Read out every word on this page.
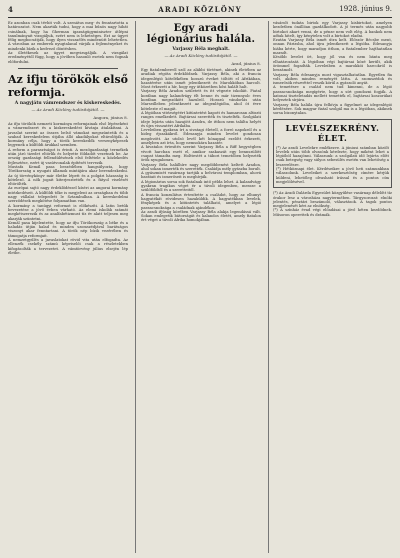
4	ARADI KÖZLÖNY	1928. június 9.

Ez azonban csak tévhit volt. A szenátus meg- és fenntartotta a határozatot. Nem akarták tudni, hogy a mai bűnös nagy hibát csinálnak, hogy ha Gherman igazságügyminiszter átlépni tanulmányait vizsgáljuk, ezért nem is lehetséges. Ezt az ügyet félig megbocsátják, hogy ilyen visszaélés mindenütt lehetetlen. A városban az emberek nyugtalanul várják a fejleményeket és mindenki bízik a kedvező döntésben.
Az illetékesek az ügyet megvizsgálják. A vizsgálat eredményétől függ, hogy a jövőben hasonló esetek nem fognak előfordulni.

Az ifju törökök első reformja.
A nagyjátu vámrendszer és kiskereskedés.
— Az Aradi Közlöny tudósítójától. —
Angora, június 8.

Az ifju törökök nemzeti kormánya reformjainak első lépéseként a vámrendszert és a kiskereskedést kívánja átalakítani. A javaslat szerint az összes belső vámokat megszüntetik és a szabad kereskedelem útjába álló akadályokat eltávolítják. A kormány célja, hogy a török kereskedők versenyképesek legyenek a külföldi árukkal szemben.
A reform a parasztságot is érinti. A mezőgazdasági termékek után járó tizedet eltörlik és helyette földadót vezetnek be. Az ország gazdasági fellendülésének első feltétele a közlekedés fejlesztése, ezért új vasútvonalak építését tervezik.
Mustafa Kemál pasa beszédében hangsúlyozta, hogy Törökország a nyugati államok mintájára akar berendezkedni. Az új törvénykönyv már életbe lépett és a polgári házasság is kötelező. A nők jogait kiterjesztették és a fátyol viselését eltörölték.
Az európai sajtó nagy érdeklődéssel kíséri az angorai kormány intézkedéseit. A külföldi tőke is megjelent az országban és több nagy vállalat telepedett le Sztambulban. A kereskedelmi szerződések megkötése folyamatban van.
A kormány a tanügyi reformot is előkészíti. A latin betűk bevezetése a jövő évben várható. Az elemi iskolák számát megkétszerezik és az analfabétizmust tíz év alatt teljesen meg akarják szüntetni.
Kemál pasa kijelentette, hogy az ifju Törökország a béke és a haladás útján halad és minden szomszédjával barátságos viszonyt akar fenntartani. A török nép bízik vezérében és támogatja reformjait.
A nemzetgyűlés a javaslatokat rövid vita után elfogadta. Az ellenzék csekély számú képviselői csak a részletekben kifogásolták a tervezetet. A vámtörvény július elsején lép életbe.

Egy aradi légionárius halála.
Varjassy Béla meghalt.
— Az Aradi Közlöny tudósítójától. —
Arad, június 8.

Egy fiatalemberről szól az alábbi történet, akinek életében az aradiak régóta érdeklődnek. Varjassy Béla, aki a francia idegenlégió kötelékében hosszú éveket töltött el Afrikában, hazatérése után ismét jelentkezett és Marokkóban harcolt. Most érkezett a hír, hogy egy ütközetben hősi halált halt.
Varjassy Béla Aradon született és itt végezte iskoláit. Fiatal korában nagy kalandvágy élt benne és már tizennyolc éves korában megszökött hazulról. Hosszú vándorlás után Marseilleben jelentkezett az idegenlégióba, ahol öt évre kötelezte el magát.
A légióban vitézségéért kitüntetést kapott és hamarosan altiszti rangra emelkedett. Bajtársai szerették és tisztelték. Szolgálati ideje lejárta után hazajött Aradra, de itthon nem találta helyét és újra visszatért Afrikába.
Leveleiben gyakran írt a sivatagi életről, a forró napokról és a hideg éjszakákról. Édesanyja minden levelet gondosan megőrzött. Az utolsó levél két hónappal ezelőtt érkezett, amelyben azt írta, hogy nemsokára hazatér.
A hivatalos értesítés szerint Varjassy Béla a Riff hegységben vívott harcban esett el, amikor szakaszát egy bennszülött csapat támadta meg. Holttestét a tábori temetőben helyezték örök nyugalomra.
Varjassy Béla halálhíre nagy megdöbbenést keltett Aradon, ahol sokan ismerték és szerették. Családja mély gyászba borult. A gyászmisét vasárnap tartják a belvárosi templomban, ahová barátait és ismerőseit is meghívják.
A légionárius sorsa sok fiatalnak intő példa lehet. A kalandvágy gyakran tragikus véget ér a távoli idegenben, messze a szülőföldtől és a szeretteitől.
A francia konzulátus értesítette a családot, hogy az elhunyt hagyatékát rövidesen hazaküldik. A hagyatékban levelek, fényképek és a kitüntetés található, amelyet a légió parancsnoksága a családnak ajándékoz.
Az aradi ifjúság körében Varjassy Béla alakja legendássá vált. Sokan emlegetik bátorságát és kalandos életét, amely fiatalon ért véget a távoli Afrika homokjában.

vásárolt tudata birtok egy Varjassy kisbirtokot, amelyen kezdetben önállóan gazdálkodott. A jó termés után nagyobb birtokot akart venni, de a pénze nem volt elég. A bankok nem adtak hitelt, így kénytelen volt a birtokot eladni.
Ezután Varjassy Béla ismét útra kelt. Először Bécsbe ment, onnan Párizsba, ahol újra jelentkezett a légióba. Édesanyja hiába kérte, hogy maradjon itthon, a fiatalember hajthatatlan maradt.
Később levelet írt, hogy jól van és nem bánta meg elhatározását. A légióban régi bajtársai közé került, akik örömmel fogadták. Leveleiben a marokkói harcokról is beszámolt.
Varjassy Béla édesanyja most vigasztalhatatlan. Egyetlen fia volt, akiben minden reményét látta. A szomszédok és ismerősök részvéttel veszik körül a gyászoló anyát.
A temetésre a család nem tud kimenni, de a légió parancsnoksága megígérte, hogy a sírt gondozni fogják. A katonai tiszteletadás mellett temették el, bajtársai koszorúkat helyeztek sírjára.
Varjassy Béla halála újra felhívja a figyelmet az idegenlégió kérdésére. Sok magyar fiatal szolgál ma is a légióban, akiknek sorsa bizonytalan.

LEVÉLSZEKRÉNY. ÉLET.

(*) Az aradi Levelekre emlékezve. A júniusi számban közölt levelek után több olvasónk kérdezte, hogy miként lehet a légióból hazajönni. Válaszunk: a szolgálati idő lejárta előtt csak betegség vagy súlyos sebesülés esetén van lehetőség a leszerelésre.
(*) Hétköznapi élet. Kérdéseikre a jövő heti számunkban válaszolunk. Leveleiket a szerkesztőség címére kérjük küldeni, lehetőleg olvasható írással és a pontos cím megjelölésével.

(*) Az Aradi Dalárda Egyesület közgyűlése vasárnap délelőtt tíz órakor lesz a városháza nagytermében. Tárgysorozat: elnöki jelentés, pénztári beszámoló, választások. A tagok pontos megjelenését kéri az elnökség.
(*) A színház évad végi előadásai a jövő héten kezdődnek. Műsoron operettek és drámák.
